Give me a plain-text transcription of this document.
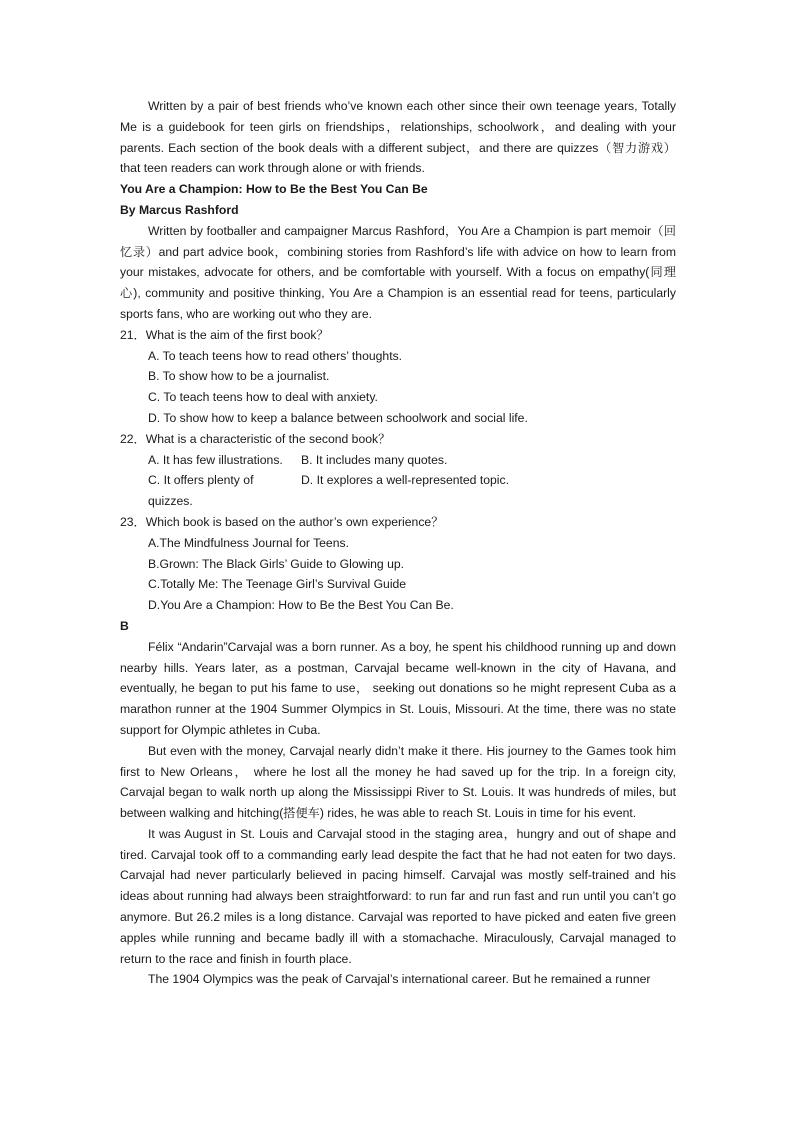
Written by a pair of best friends who’ve known each other since their own teenage years, Totally Me is a guidebook for teen girls on friendships，relationships, schoolwork，and dealing with your parents. Each section of the book deals with a different subject，and there are quizzes（智力游戏）that teen readers can work through alone or with friends.

You Are a Champion: How to Be the Best You Can Be

By Marcus Rashford

Written by footballer and campaigner Marcus Rashford，You Are a Champion is part memoir（回忆录）and part advice book，combining stories from Rashford’s life with advice on how to learn from your mistakes, advocate for others, and be comfortable with yourself. With a focus on empathy(同理心), community and positive thinking, You Are a Champion is an essential read for teens, particularly sports fans, who are working out who they are.

21．What is the aim of the first book？

A. To teach teens how to read others’ thoughts.

B. To show how to be a journalist.

C. To teach teens how to deal with anxiety.

D. To show how to keep a balance between schoolwork and social life.

22．What is a characteristic of the second book？

A. It has few illustrations.	B. It includes many quotes.
C. It offers plenty of quizzes.
D. It explores a well-represented topic.

23．Which book is based on the author’s own experience？

A.The Mindfulness Journal for Teens.

B.Grown: The Black Girls’ Guide to Glowing up.

C.Totally Me: The Teenage Girl’s Survival Guide

D.You Are a Champion: How to Be the Best You Can Be.

B

Félix “Andarin”Carvajal was a born runner. As a boy, he spent his childhood running up and down nearby hills. Years later, as a postman, Carvajal became well-known in the city of Havana, and eventually, he began to put his fame to use， seeking out donations so he might represent Cuba as a marathon runner at the 1904 Summer Olympics in St. Louis, Missouri. At the time, there was no state support for Olympic athletes in Cuba.

But even with the money, Carvajal nearly didn’t make it there. His journey to the Games took him first to New Orleans， where he lost all the money he had saved up for the trip. In a foreign city, Carvajal began to walk north up along the Mississippi River to St. Louis. It was hundreds of miles, but between walking and hitching(搭便车) rides, he was able to reach St. Louis in time for his event.

It was August in St. Louis and Carvajal stood in the staging area，hungry and out of shape and tired. Carvajal took off to a commanding early lead despite the fact that he had not eaten for two days. Carvajal had never particularly believed in pacing himself. Carvajal was mostly self-trained and his ideas about running had always been straightforward: to run far and run fast and run until you can’t go anymore. But 26.2 miles is a long distance. Carvajal was reported to have picked and eaten five green apples while running and became badly ill with a stomachache. Miraculously, Carvajal managed to return to the race and finish in fourth place.

The 1904 Olympics was the peak of Carvajal’s international career. But he remained a runner
